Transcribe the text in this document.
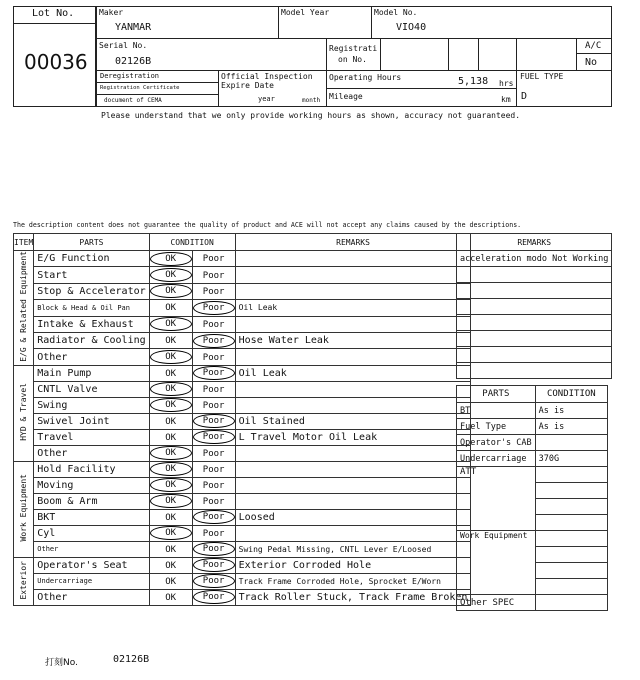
Lot No.
00036
Maker
YANMAR
Model Year	Model No.
VIO40
Serial No.
02126B
Registrati
on No.
A/C
No
Deregistration
Registration Certificate
document of CEMA
Official Inspection
Expire Date
year	month
Operating Hours	5,138 hrs
Mileage	km
FUEL TYPE
D
Please understand that we only provide working hours as shown, accuracy not guaranteed.
The description content does not guarantee the quality of product and ACE will not accept any claims caused by the descriptions.
ITEM	PARTS	CONDITION		REMARKS
E/G & Related Equipment	E/G Function	OK	Poor	
	Start	OK	Poor	
	Stop & Accelerator	OK	Poor	
	Block & Head & Oil Pan	OK	Poor	Oil Leak
	Intake & Exhaust	OK	Poor	
	Radiator & Cooling	OK	Poor	Hose Water Leak
	Other	OK	Poor	
HYD & Travel	Main Pump	OK	Poor	Oil Leak
	CNTL Valve	OK	Poor	
	Swing	OK	Poor	
	Swivel Joint	OK	Poor	Oil Stained
	Travel	OK	Poor	L Travel Motor Oil Leak
	Other	OK	Poor	
Work Equipment	Hold Facility	OK	Poor	
	Moving	OK	Poor	
	Boom & Arm	OK	Poor	
	BKT	OK	Poor	Loosed
	Cyl	OK	Poor	
	Other	OK	Poor	Swing Pedal Missing, CNTL Lever E/Loosed
Exterior	Operator's Seat	OK	Poor	Exterior Corroded Hole
	Undercarriage	OK	Poor	Track Frame Corroded Hole, Sprocket E/Worn
	Other	OK	Poor	Track Roller Stuck, Track Frame Broken
REMARKS
acceleration modo Not Working

PARTS	CONDITION
BT	As is
Fuel Type	As is
Operator's CAB	
Undercarriage	370G
ATT	

Work Equipment	

Other SPEC	
打刻No.	02126B
